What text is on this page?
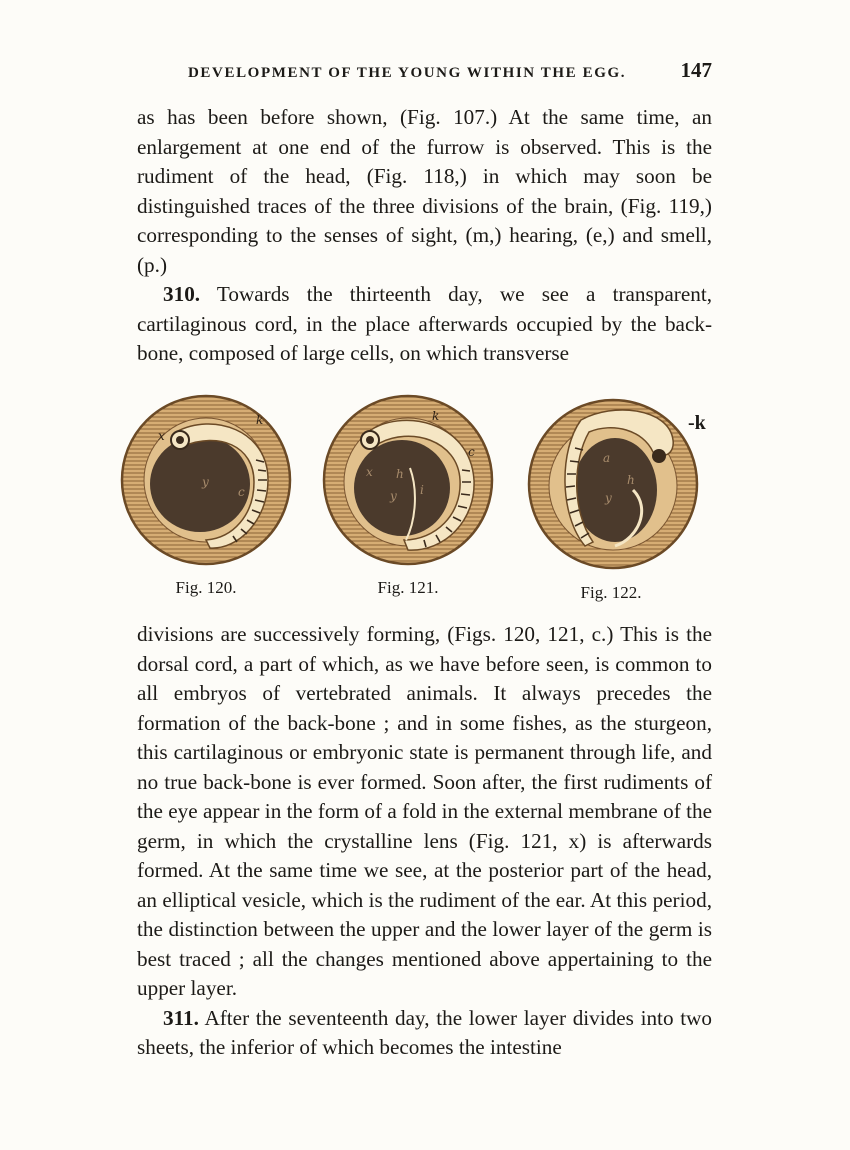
DEVELOPMENT OF THE YOUNG WITHIN THE EGG.	147

as has been before shown, (Fig. 107.) At the same time, an enlargement at one end of the furrow is observed. This is the rudiment of the head, (Fig. 118,) in which may soon be distinguished traces of the three divisions of the brain, (Fig. 119,) corresponding to the senses of sight, (m,) hearing, (e,) and smell, (p.)

310. Towards the thirteenth day, we see a transparent, cartilaginous cord, in the place afterwards occupied by the back-bone, composed of large cells, on which transverse

x
k
y
c
Fig. 120.
k
x h
y i
c
Fig. 121.
a
h
y
Fig. 122.
-k

divisions are successively forming, (Figs. 120, 121, c.) This is the dorsal cord, a part of which, as we have before seen, is common to all embryos of vertebrated animals. It always precedes the formation of the back-bone ; and in some fishes, as the sturgeon, this cartilaginous or embryonic state is permanent through life, and no true back-bone is ever formed. Soon after, the first rudiments of the eye appear in the form of a fold in the external membrane of the germ, in which the crystalline lens (Fig. 121, x) is afterwards formed. At the same time we see, at the posterior part of the head, an elliptical vesicle, which is the rudiment of the ear. At this period, the distinction between the upper and the lower layer of the germ is best traced ; all the changes mentioned above appertaining to the upper layer.

311. After the seventeenth day, the lower layer divides into two sheets, the inferior of which becomes the intestine
